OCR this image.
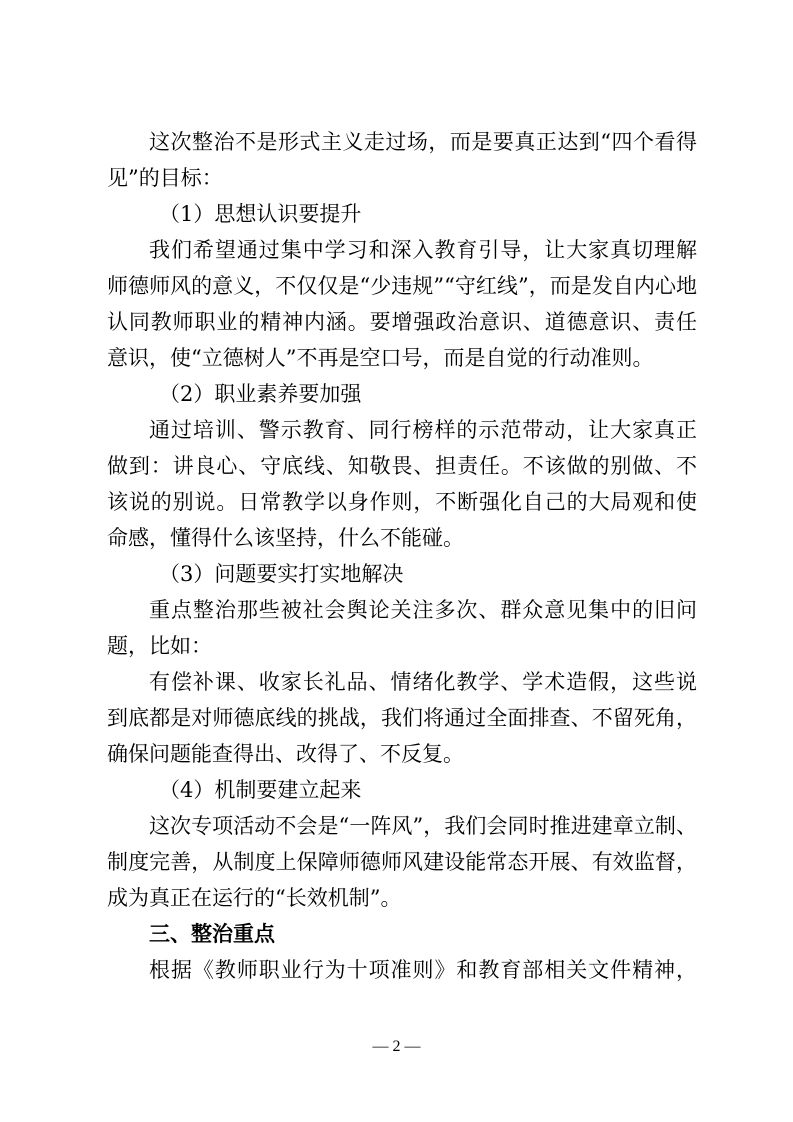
这次整治不是形式主义走过场，而是要真正达到“四个看得
见”的目标：
（1）思想认识要提升
我们希望通过集中学习和深入教育引导，让大家真切理解
师德师风的意义，不仅仅是“少违规”“守红线”，而是发自内心地
认同教师职业的精神内涵。要增强政治意识、道德意识、责任
意识，使“立德树人”不再是空口号，而是自觉的行动准则。
（2）职业素养要加强
通过培训、警示教育、同行榜样的示范带动，让大家真正
做到：讲良心、守底线、知敬畏、担责任。不该做的别做、不
该说的别说。日常教学以身作则，不断强化自己的大局观和使
命感，懂得什么该坚持，什么不能碰。
（3）问题要实打实地解决
重点整治那些被社会舆论关注多次、群众意见集中的旧问
题，比如：
有偿补课、收家长礼品、情绪化教学、学术造假，这些说
到底都是对师德底线的挑战，我们将通过全面排查、不留死角，
确保问题能查得出、改得了、不反复。
（4）机制要建立起来
这次专项活动不会是“一阵风”，我们会同时推进建章立制、
制度完善，从制度上保障师德师风建设能常态开展、有效监督，
成为真正在运行的“长效机制”。
三、整治重点
根据《教师职业行为十项准则》和教育部相关文件精神，
— 2 —
